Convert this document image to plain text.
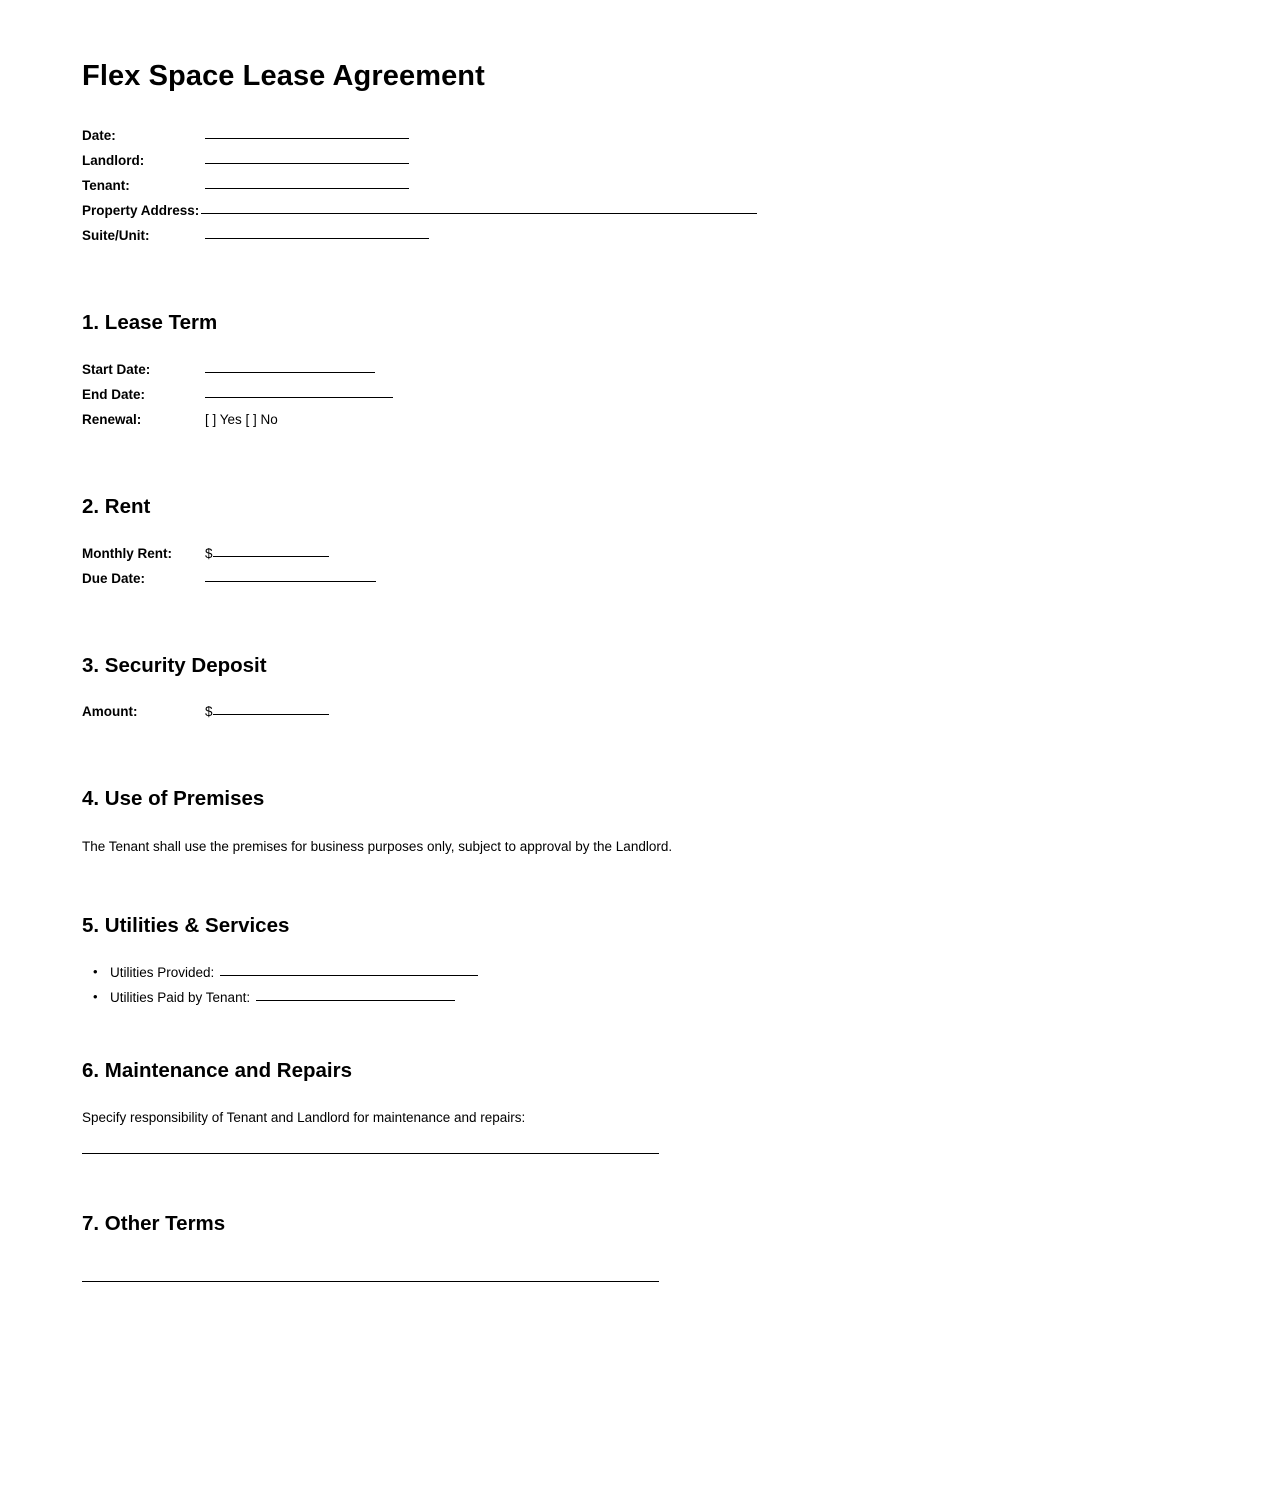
Flex Space Lease Agreement
Date:
Landlord:
Tenant:
Property Address:
Suite/Unit:
1. Lease Term
Start Date:
End Date:
Renewal:	[ ] Yes [ ] No
2. Rent
Monthly Rent:	$
Due Date:
3. Security Deposit
Amount:	$
4. Use of Premises

The Tenant shall use the premises for business purposes only, subject to approval by the Landlord.

5. Utilities & Services
• Utilities Provided:
• Utilities Paid by Tenant:
6. Maintenance and Repairs

Specify responsibility of Tenant and Landlord for maintenance and repairs:

7. Other Terms
